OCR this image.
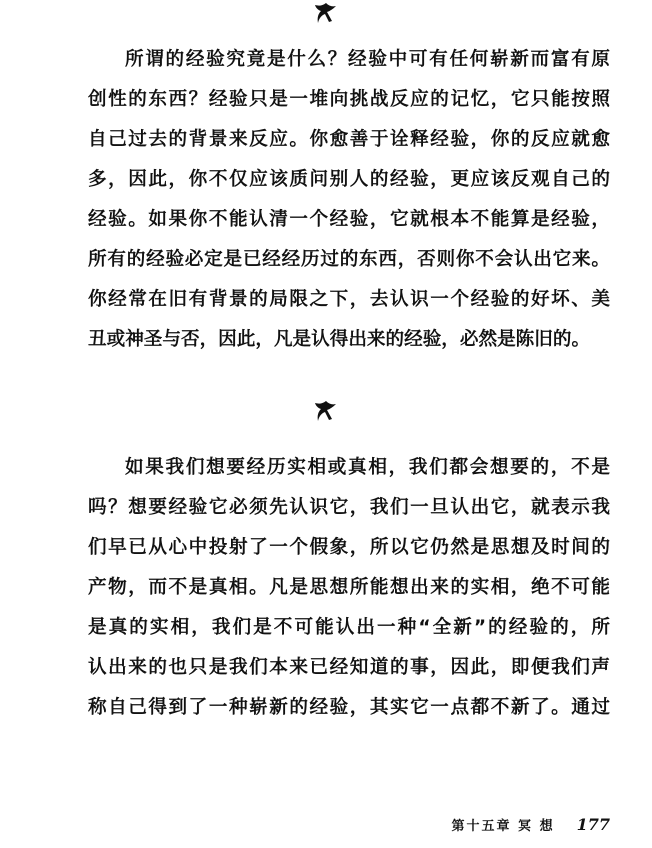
所谓的经验究竟是什么？经验中可有任何崭新而富有原
创性的东西？经验只是一堆向挑战反应的记忆，它只能按照
自己过去的背景来反应。你愈善于诠释经验，你的反应就愈
多，因此，你不仅应该质问别人的经验，更应该反观自己的
经验。如果你不能认清一个经验，它就根本不能算是经验，
所有的经验必定是已经经历过的东西，否则你不会认出它来。
你经常在旧有背景的局限之下，去认识一个经验的好坏、美
丑或神圣与否，因此，凡是认得出来的经验，必然是陈旧的。
如果我们想要经历实相或真相，我们都会想要的，不是
吗？想要经验它必须先认识它，我们一旦认出它，就表示我
们早已从心中投射了一个假象，所以它仍然是思想及时间的
产物，而不是真相。凡是思想所能想出来的实相，绝不可能
是真的实相，我们是不可能认出一种“全新”的经验的，所
认出来的也只是我们本来已经知道的事，因此，即便我们声
称自己得到了一种崭新的经验，其实它一点都不新了。通过
第十五章 冥 想 177
